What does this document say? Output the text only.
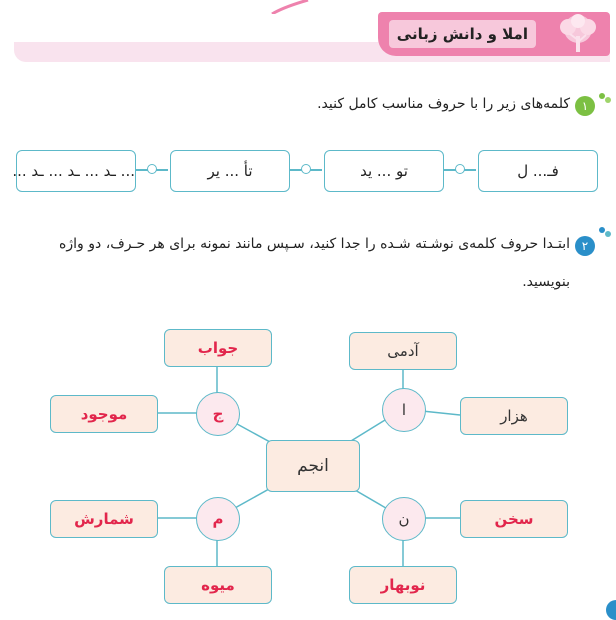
املا و دانش زبانی
۱
کلمه‌های زیر را با حروف مناسب کامل کنید.
فـ... ل
تو ... ید
تأ ... یر
... ـد ... ـد ... ـد ...
۲
ابتـدا حروف کلمه‌ی نوشـته شـده را جدا کنید، سـپس مانند نمونه برای هر حـرف، دو واژه
بنویسید.
انجم
ا
ن
ج
م
آدمی
هزار
سخن
نوبهار
جواب
موجود
شمارش
میوه
